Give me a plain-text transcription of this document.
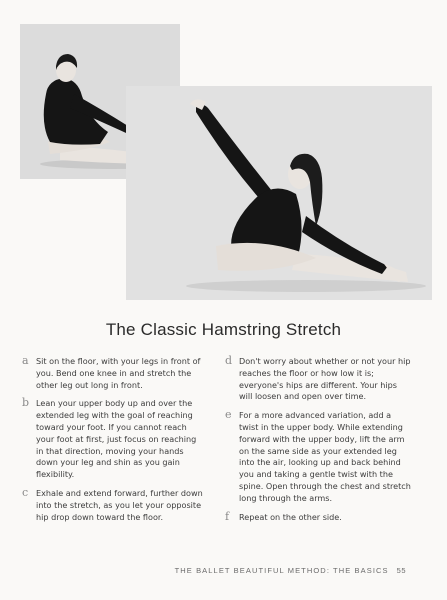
The Classic Hamstring Stretch
a Sit on the floor, with your legs in front of you. Bend one knee in and stretch the other leg out long in front.
b Lean your upper body up and over the extended leg with the goal of reaching toward your foot. If you cannot reach your foot at first, just focus on reaching in that direction, moving your hands down your leg and shin as you gain flexibility.
c Exhale and extend forward, further down into the stretch, as you let your opposite hip drop down toward the floor.
d Don't worry about whether or not your hip reaches the floor or how low it is; everyone's hips are different. Your hips will loosen and open over time.
e For a more advanced variation, add a twist in the upper body. While extending forward with the upper body, lift the arm on the same side as your extended leg into the air, looking up and back behind you and taking a gentle twist with the spine. Open through the chest and stretch long through the arms.
f Repeat on the other side.
THE BALLET BEAUTIFUL METHOD: THE BASICS 55
